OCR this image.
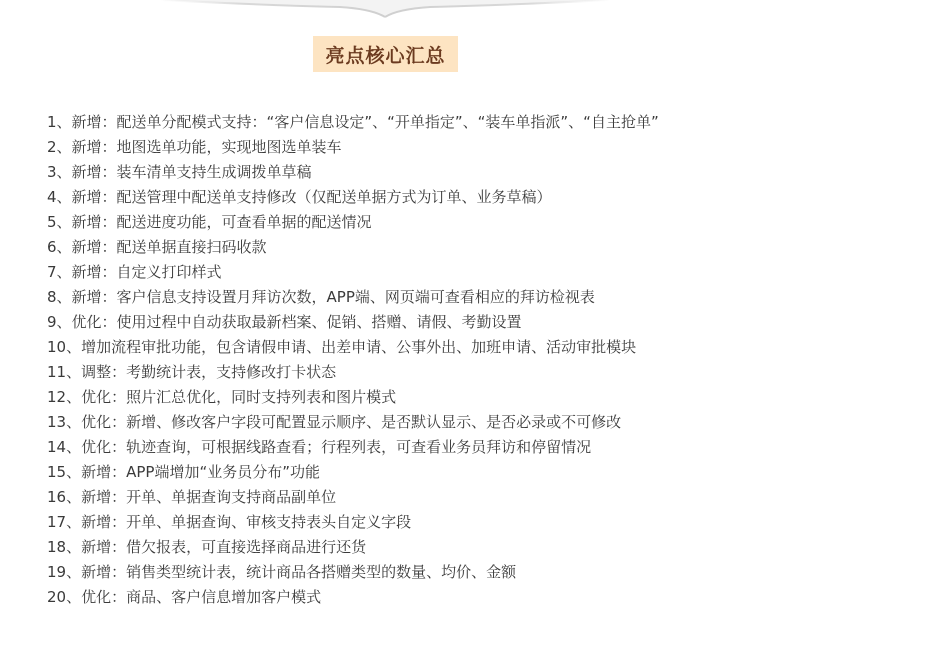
亮点核心汇总
1、新增：配送单分配模式支持：“客户信息设定”、“开单指定”、“装车单指派”、“自主抢单”
2、新增：地图选单功能，实现地图选单装车
3、新增：装车清单支持生成调拨单草稿
4、新增：配送管理中配送单支持修改（仅配送单据方式为订单、业务草稿）
5、新增：配送进度功能，可查看单据的配送情况
6、新增：配送单据直接扫码收款
7、新增：自定义打印样式
8、新增：客户信息支持设置月拜访次数，APP端、网页端可查看相应的拜访检视表
9、优化：使用过程中自动获取最新档案、促销、搭赠、请假、考勤设置
10、增加流程审批功能，包含请假申请、出差申请、公事外出、加班申请、活动审批模块
11、调整：考勤统计表，支持修改打卡状态
12、优化：照片汇总优化，同时支持列表和图片模式
13、优化：新增、修改客户字段可配置显示顺序、是否默认显示、是否必录或不可修改
14、优化：轨迹查询，可根据线路查看；行程列表，可查看业务员拜访和停留情况
15、新增：APP端增加“业务员分布”功能
16、新增：开单、单据查询支持商品副单位
17、新增：开单、单据查询、审核支持表头自定义字段
18、新增：借欠报表，可直接选择商品进行还货
19、新增：销售类型统计表，统计商品各搭赠类型的数量、均价、金额
20、优化：商品、客户信息增加客户模式
